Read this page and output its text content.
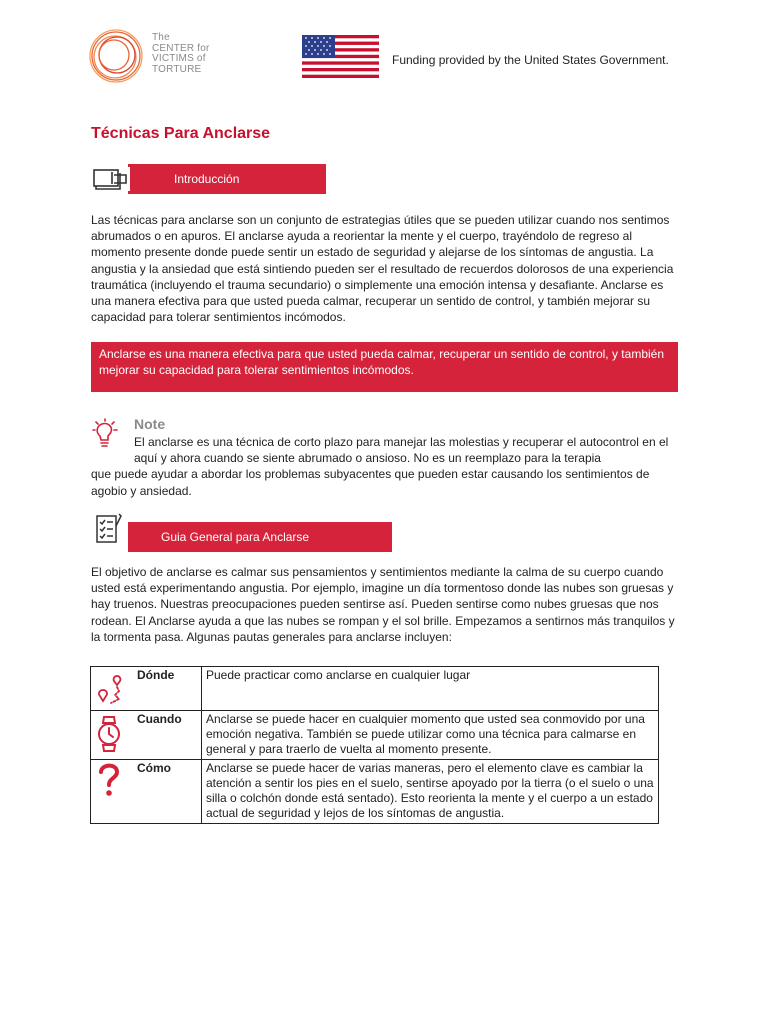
The
CENTER for
VICTIMS of
TORTURE
Funding provided by the United States Government.
Técnicas Para Anclarse
Introducción
Las técnicas para anclarse son un conjunto de estrategias útiles que se pueden utilizar cuando nos sentimos abrumados o en apuros. El anclarse ayuda a reorientar la mente y el cuerpo, trayéndolo de regreso al momento presente donde puede sentir un estado de seguridad y alejarse de los síntomas de angustia. La angustia y la ansiedad que está sintiendo pueden ser el resultado de recuerdos dolorosos de una experiencia traumática (incluyendo el trauma secundario) o simplemente una emoción intensa y desafiante. Anclarse es una manera efectiva para que usted pueda calmar, recuperar un sentido de control, y también mejorar su capacidad para tolerar sentimientos incómodos.
Anclarse es una manera efectiva para que usted pueda calmar, recuperar un sentido de control, y también mejorar su capacidad para tolerar sentimientos incómodos.
Note
El anclarse es una técnica de corto plazo para manejar las molestias y recuperar el autocontrol en el aquí y ahora cuando se siente abrumado o ansioso. No es un reemplazo para la terapia
que puede ayudar a abordar los problemas subyacentes que pueden estar causando los sentimientos de agobio y ansiedad.
Guia General para Anclarse
El objetivo de anclarse es calmar sus pensamientos y sentimientos mediante la calma de su cuerpo cuando usted está experimentando angustia. Por ejemplo, imagine un día tormentoso donde las nubes son gruesas y hay truenos. Nuestras preocupaciones pueden sentirse así. Pueden sentirse como nubes gruesas que nos rodean. El Anclarse ayuda a que las nubes se rompan y el sol brille. Empezamos a sentirnos más tranquilos y la tormenta pasa. Algunas pautas generales para anclarse incluyen:
Dónde	Puede practicar como anclarse en cualquier lugar

Cuando	Anclarse se puede hacer en cualquier momento que usted sea conmovido por una emoción negativa. También se puede utilizar como una técnica para calmarse en general y para traerlo de vuelta al momento presente.

Cómo	Anclarse se puede hacer de varias maneras, pero el elemento clave es cambiar la atención a sentir los pies en el suelo, sentirse apoyado por la tierra (o el suelo o una silla o colchón donde está sentado). Esto reorienta la mente y el cuerpo a un estado actual de seguridad y lejos de los síntomas de angustia.
